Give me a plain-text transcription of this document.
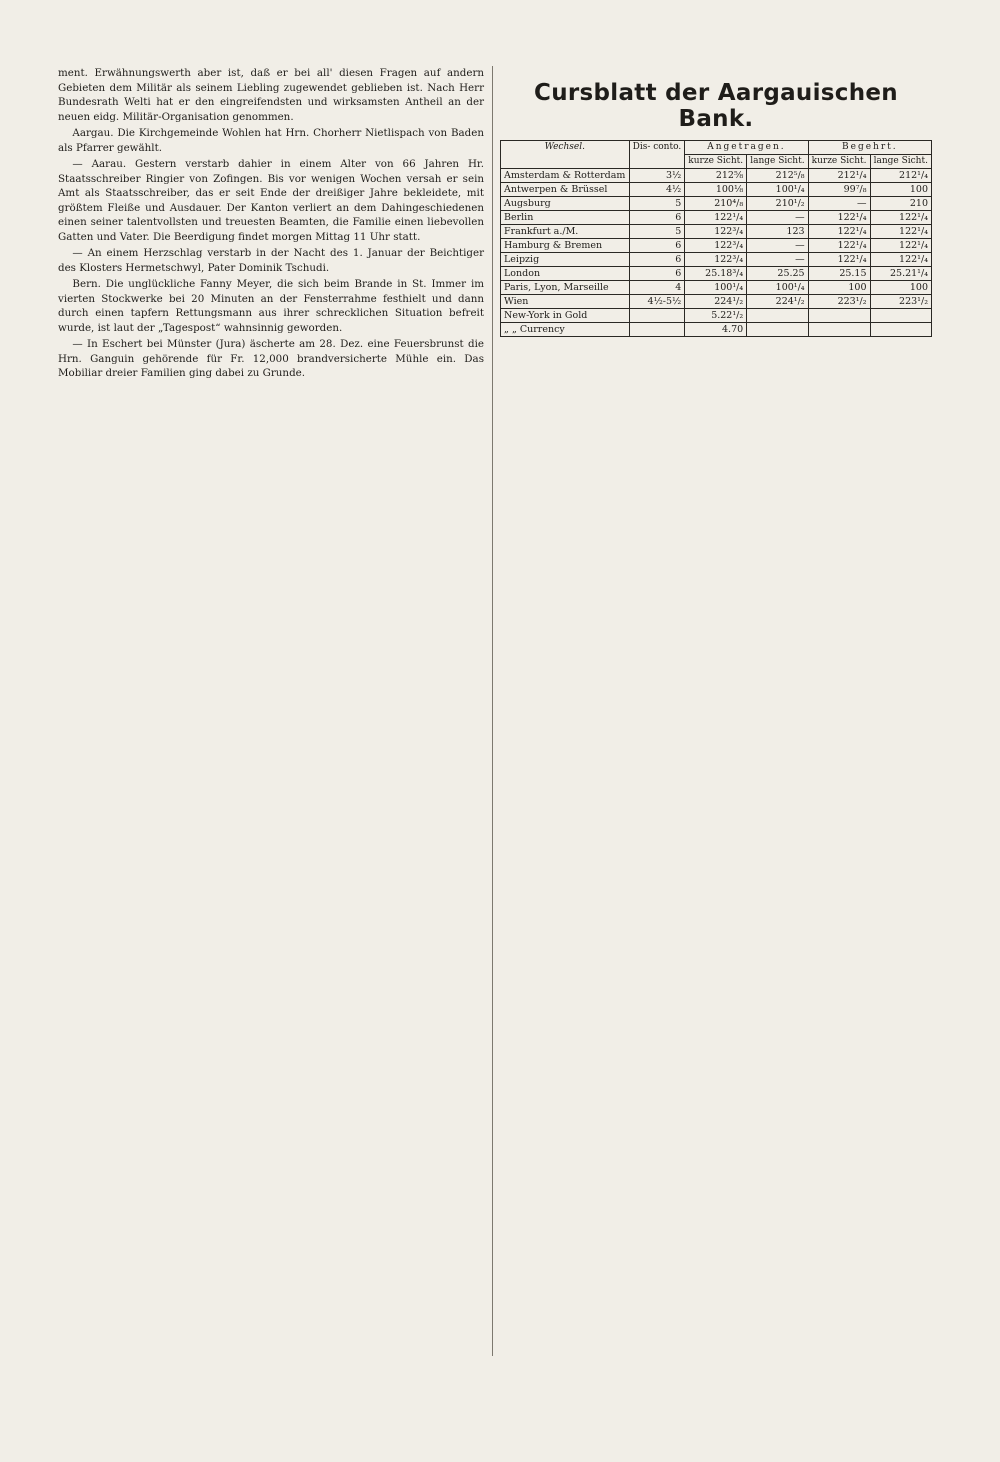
ment. Erwähnungswerth aber ist, daß er bei all' diesen Fragen auf andern Gebieten dem Militär als seinem Liebling zugewendet geblieben ist. Nach Herr Bundesrath Welti hat er den eingreifendsten und wirksamsten Antheil an der neuen eidg. Militär-Organisation genommen.

Aargau. Die Kirchgemeinde Wohlen hat Hrn. Chorherr Nietlispach von Baden als Pfarrer gewählt.

— Aarau. Gestern verstarb dahier in einem Alter von 66 Jahren Hr. Staatsschreiber Ringier von Zofingen. Bis vor wenigen Wochen versah er sein Amt als Staatsschreiber, das er seit Ende der dreißiger Jahre bekleidete, mit größtem Fleiße und Ausdauer. Der Kanton verliert an dem Dahingeschiedenen einen seiner talentvollsten und treuesten Beamten, die Familie einen liebevollen Gatten und Vater. Die Beerdigung findet morgen Mittag 11 Uhr statt.

— An einem Herzschlag verstarb in der Nacht des 1. Januar der Beichtiger des Klosters Hermetschwyl, Pater Dominik Tschudi.

Bern. Die unglückliche Fanny Meyer, die sich beim Brande in St. Immer im vierten Stockwerke bei 20 Minuten an der Fensterrahme festhielt und dann durch einen tapfern Rettungsmann aus ihrer schrecklichen Situation befreit wurde, ist laut der „Tagespost“ wahnsinnig geworden.

— In Eschert bei Münster (Jura) äscherte am 28. Dez. eine Feuersbrunst die Hrn. Ganguin gehörende für Fr. 12,000 brandversicherte Mühle ein. Das Mobiliar dreier Familien ging dabei zu Grunde.

Cursblatt der Aargauischen Bank.
Wechsel.	Dis- conto.	Angetragen.		Begehrt.	
		kurze Sicht.	lange Sicht.	kurze Sicht.	lange Sicht.
Amsterdam & Rotterdam	3½	212⅝	212⁵/₈	212¹/₄	212¹/₄
Antwerpen & Brüssel	4½	100⅛	100¹/₄	99⁷/₈	100
Augsburg	5	210⁴/₈	210¹/₂	—	210
Berlin	6	122¹/₄	—	122¹/₄	122¹/₄
Frankfurt a./M.	5	122³/₄	123	122¹/₄	122¹/₄
Hamburg & Bremen	6	122³/₄	—	122¹/₄	122¹/₄
Leipzig	6	122³/₄	—	122¹/₄	122¹/₄
London	6	25.18³/₄	25.25	25.15	25.21¹/₄
Paris, Lyon, Marseille	4	100¹/₄	100¹/₄	100	100
Wien	4½-5½	224¹/₂	224¹/₂	223¹/₂	223¹/₂
New-York in Gold		5.22¹/₂			
„ „ Currency		4.70			
